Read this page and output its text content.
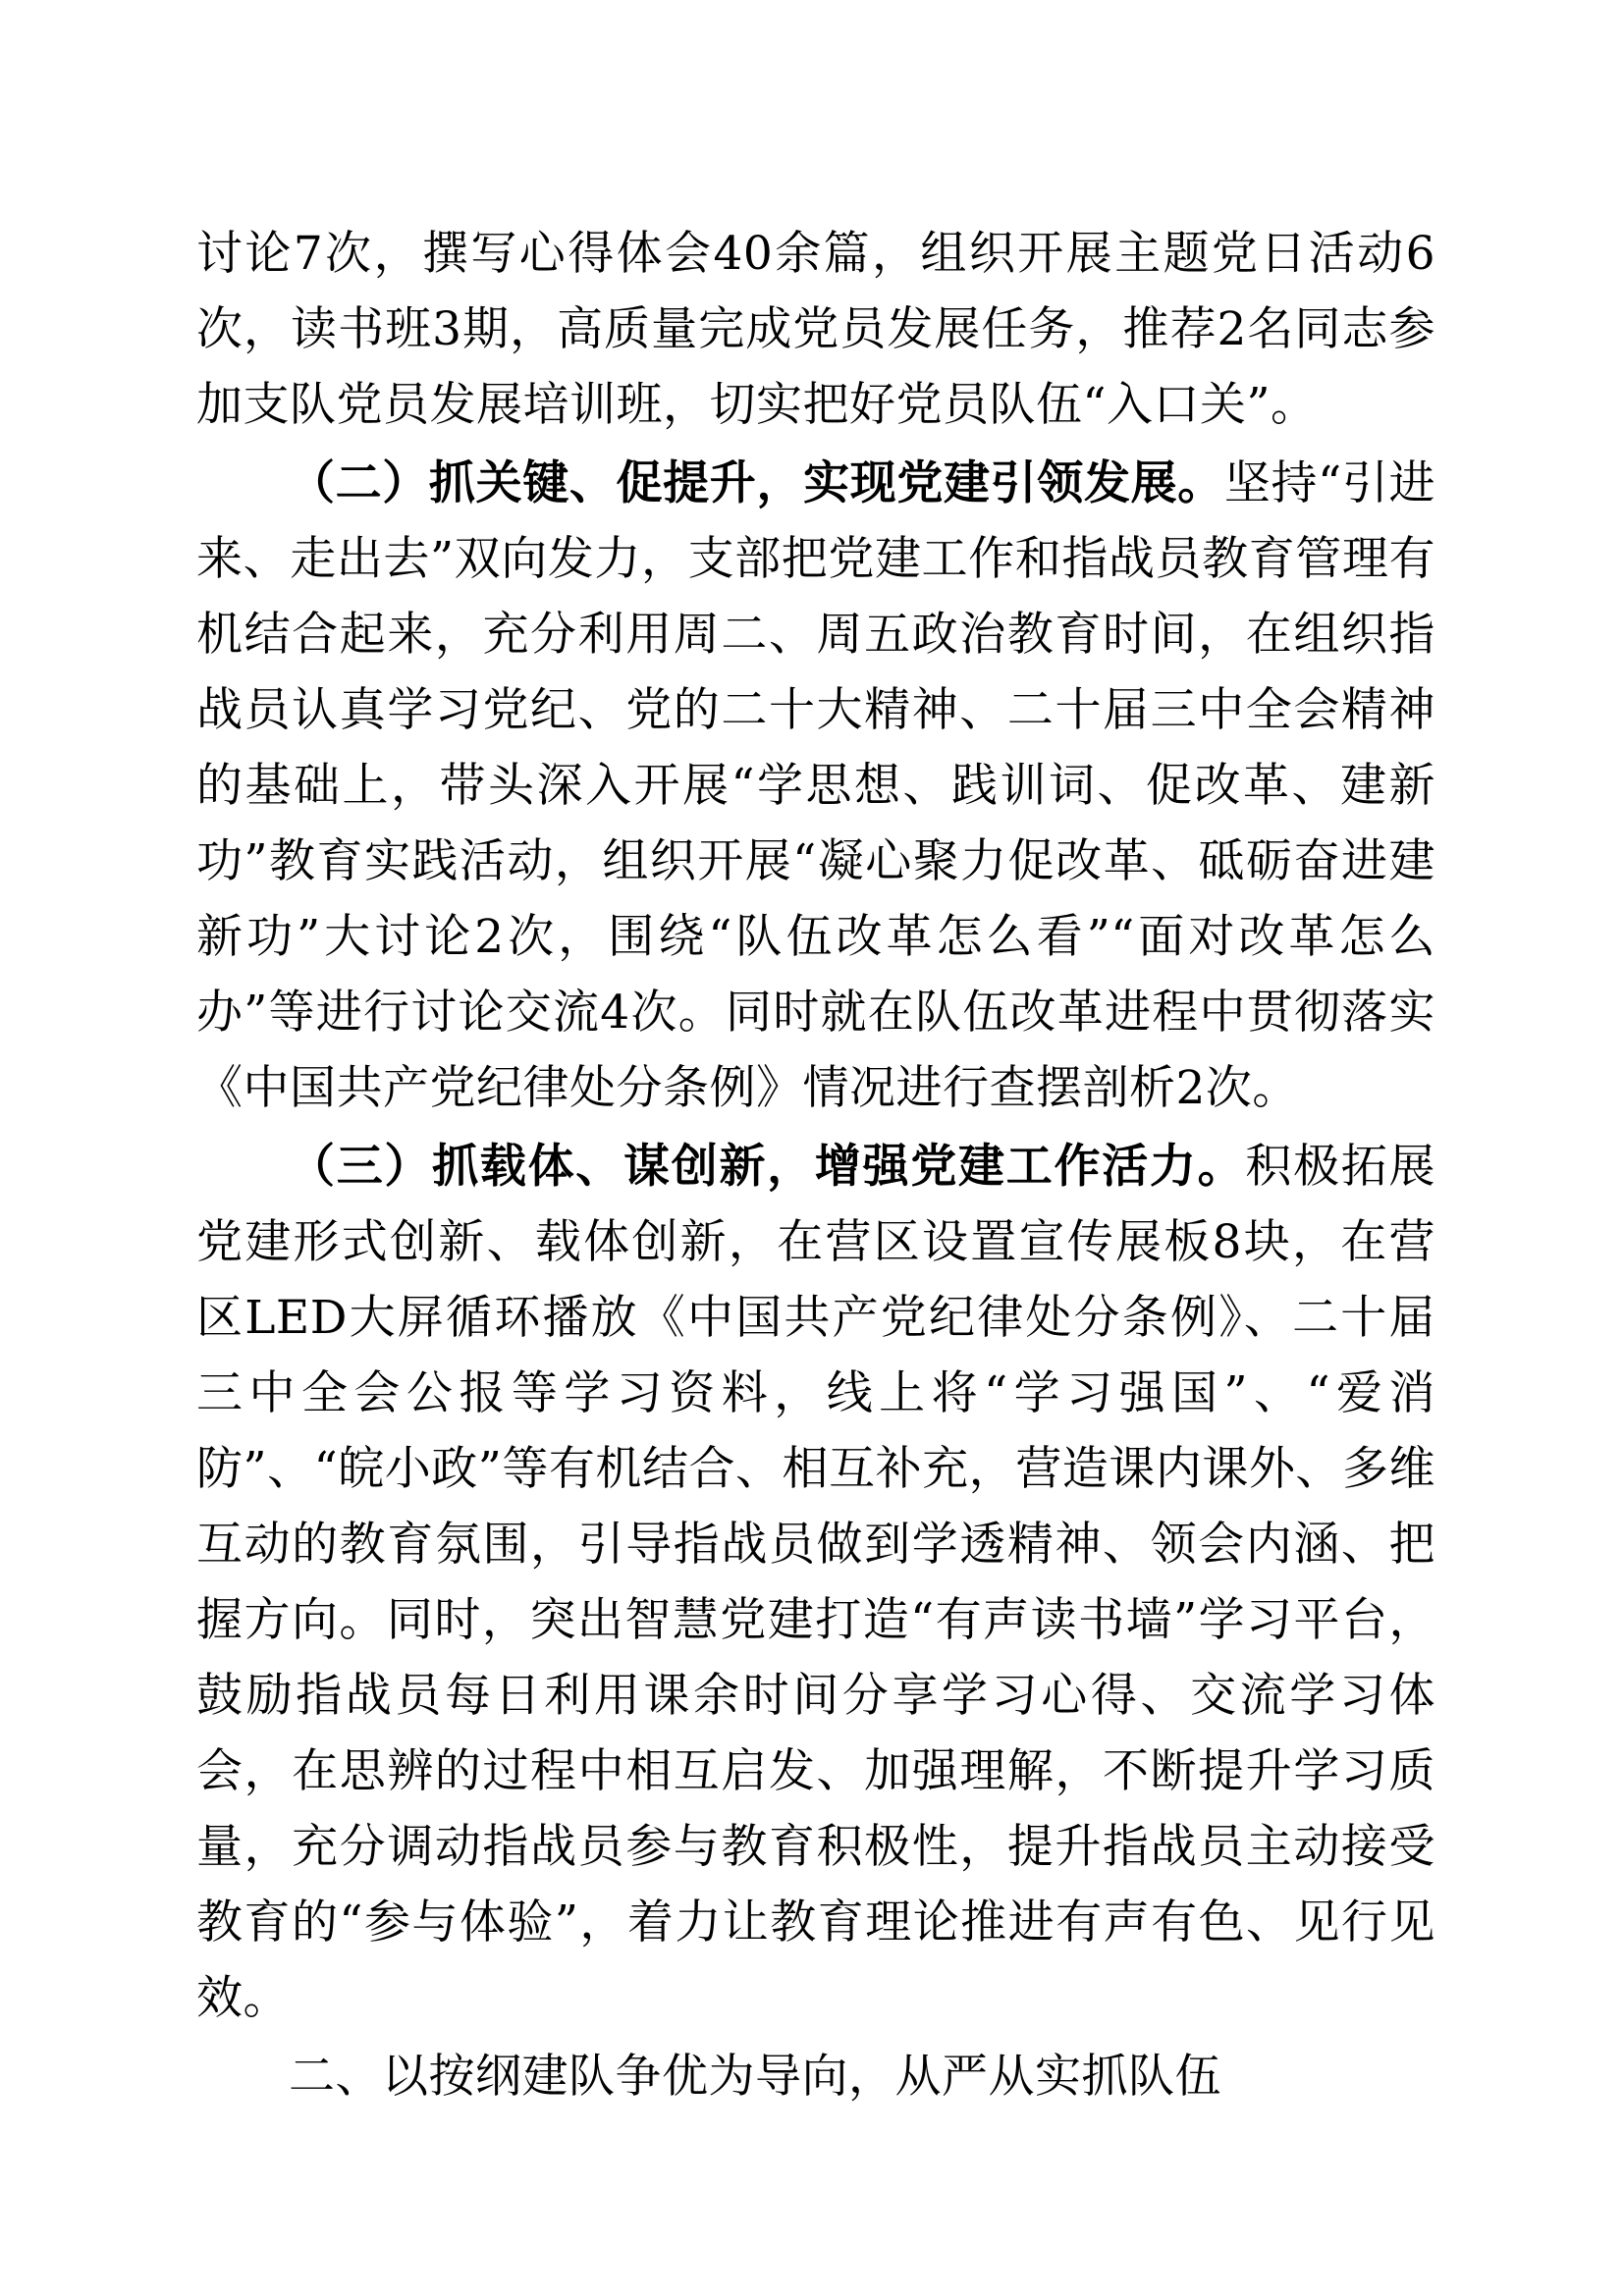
讨论7次，撰写心得体会40余篇，组织开展主题党日活动6次，读书班3期，高质量完成党员发展任务，推荐2名同志参加支队党员发展培训班，切实把好党员队伍“入口关”。

（二）抓关键、促提升，实现党建引领发展。坚持“引进来、走出去”双向发力，支部把党建工作和指战员教育管理有机结合起来，充分利用周二、周五政治教育时间，在组织指战员认真学习党纪、党的二十大精神、二十届三中全会精神的基础上，带头深入开展“学思想、践训词、促改革、建新功”教育实践活动，组织开展“凝心聚力促改革、砥砺奋进建新功”大讨论2次，围绕“队伍改革怎么看”“面对改革怎么办”等进行讨论交流4次。同时就在队伍改革进程中贯彻落实《中国共产党纪律处分条例》情况进行查摆剖析2次。

（三）抓载体、谋创新，增强党建工作活力。积极拓展党建形式创新、载体创新，在营区设置宣传展板8块，在营区LED大屏循环播放《中国共产党纪律处分条例》、二十届三中全会公报等学习资料，线上将“学习强国”、“爱消防”、“皖小政”等有机结合、相互补充，营造课内课外、多维互动的教育氛围，引导指战员做到学透精神、领会内涵、把握方向。同时，突出智慧党建打造“有声读书墙”学习平台，鼓励指战员每日利用课余时间分享学习心得、交流学习体会，在思辨的过程中相互启发、加强理解，不断提升学习质量，充分调动指战员参与教育积极性，提升指战员主动接受教育的“参与体验”，着力让教育理论推进有声有色、见行见效。

二、以按纲建队争优为导向，从严从实抓队伍
